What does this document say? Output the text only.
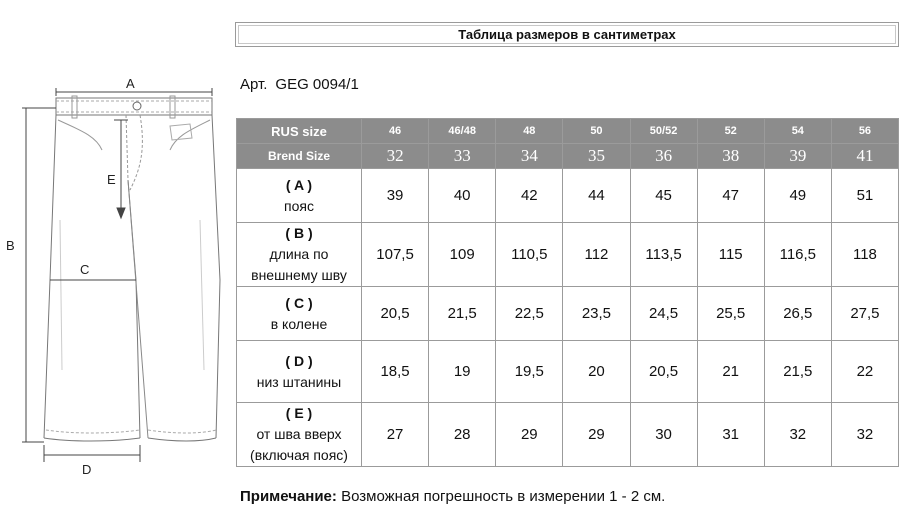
Таблица размеров в сантиметрах
Арт. GEG 0094/1
A
B
C
D
E
RUS size	46	46/48	48	50	50/52	52	54	56
Brend Size	32	33	34	35	36	38	39	41

( A )
пояс	39	40	42	44	45	47	49	51

( B )
длина по
внешнему шву	107,5	109	110,5	112	113,5	115	116,5	118

( C )
в колене	20,5	21,5	22,5	23,5	24,5	25,5	26,5	27,5

( D )
низ штанины	18,5	19	19,5	20	20,5	21	21,5	22

( E )
от шва вверх
(включая пояс)	27	28	29	29	30	31	32	32
Примечание: Возможная погрешность в измерении 1 - 2 см.
